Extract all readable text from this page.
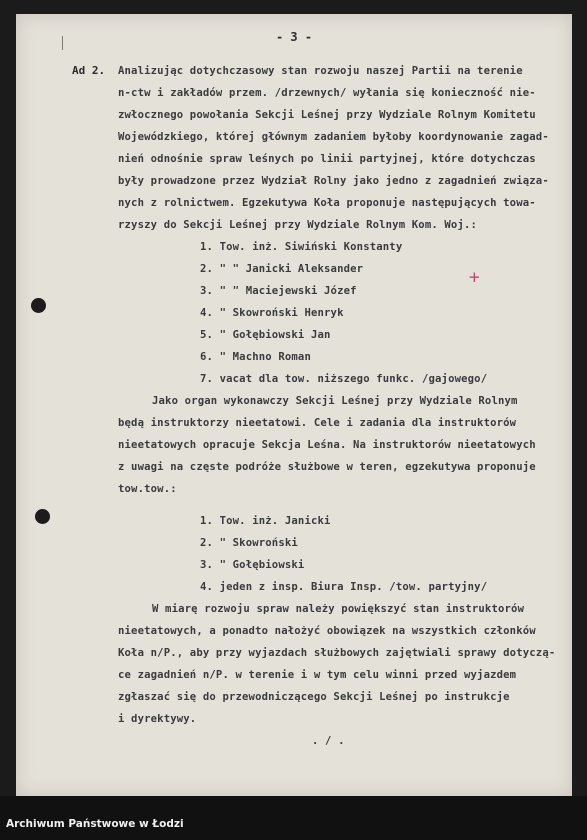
- 3 -
Ad 2. Analizując dotychczasowy stan rozwoju naszej Partii na terenie
n-ctw i zakładów przem. /drzewnych/ wyłania się konieczność nie-
zwłocznego powołania Sekcji Leśnej przy Wydziale Rolnym Komitetu
Wojewódzkiego, której głównym zadaniem byłoby koordynowanie zagad-
nień odnośnie spraw leśnych po linii partyjnej, które dotychczas
były prowadzone przez Wydział Rolny jako jedno z zagadnień związa-
nych z rolnictwem. Egzekutywa Koła proponuje następujących towa-
rzyszy do Sekcji Leśnej przy Wydziale Rolnym Kom. Woj.:
1. Tow. inż. Siwiński Konstanty
2. " " Janicki Aleksander
3. " " Maciejewski Józef
4. " Skowroński Henryk
5. " Gołębiowski Jan
6. " Machno Roman
7. vacat dla tow. niższego funkc. /gajowego/
Jako organ wykonawczy Sekcji Leśnej przy Wydziale Rolnym
będą instruktorzy nieetatowi. Cele i zadania dla instruktorów
nieetatowych opracuje Sekcja Leśna. Na instruktorów nieetatowych
z uwagi na częste podróże służbowe w teren, egzekutywa proponuje
tow.tow.:
1. Tow. inż. Janicki
2. " Skowroński
3. " Gołębiowski
4. jeden z insp. Biura Insp. /tow. partyjny/
W miarę rozwoju spraw należy powiększyć stan instruktorów
nieetatowych, a ponadto nałożyć obowiązek na wszystkich członków
Koła n/P., aby przy wyjazdach służbowych zajętwiali sprawy dotyczą-
ce zagadnień n/P. w terenie i w tym celu winni przed wyjazdem
zgłaszać się do przewodniczącego Sekcji Leśnej po instrukcje
i dyrektywy.
. / .
+
Archiwum Państwowe w Łodzi
